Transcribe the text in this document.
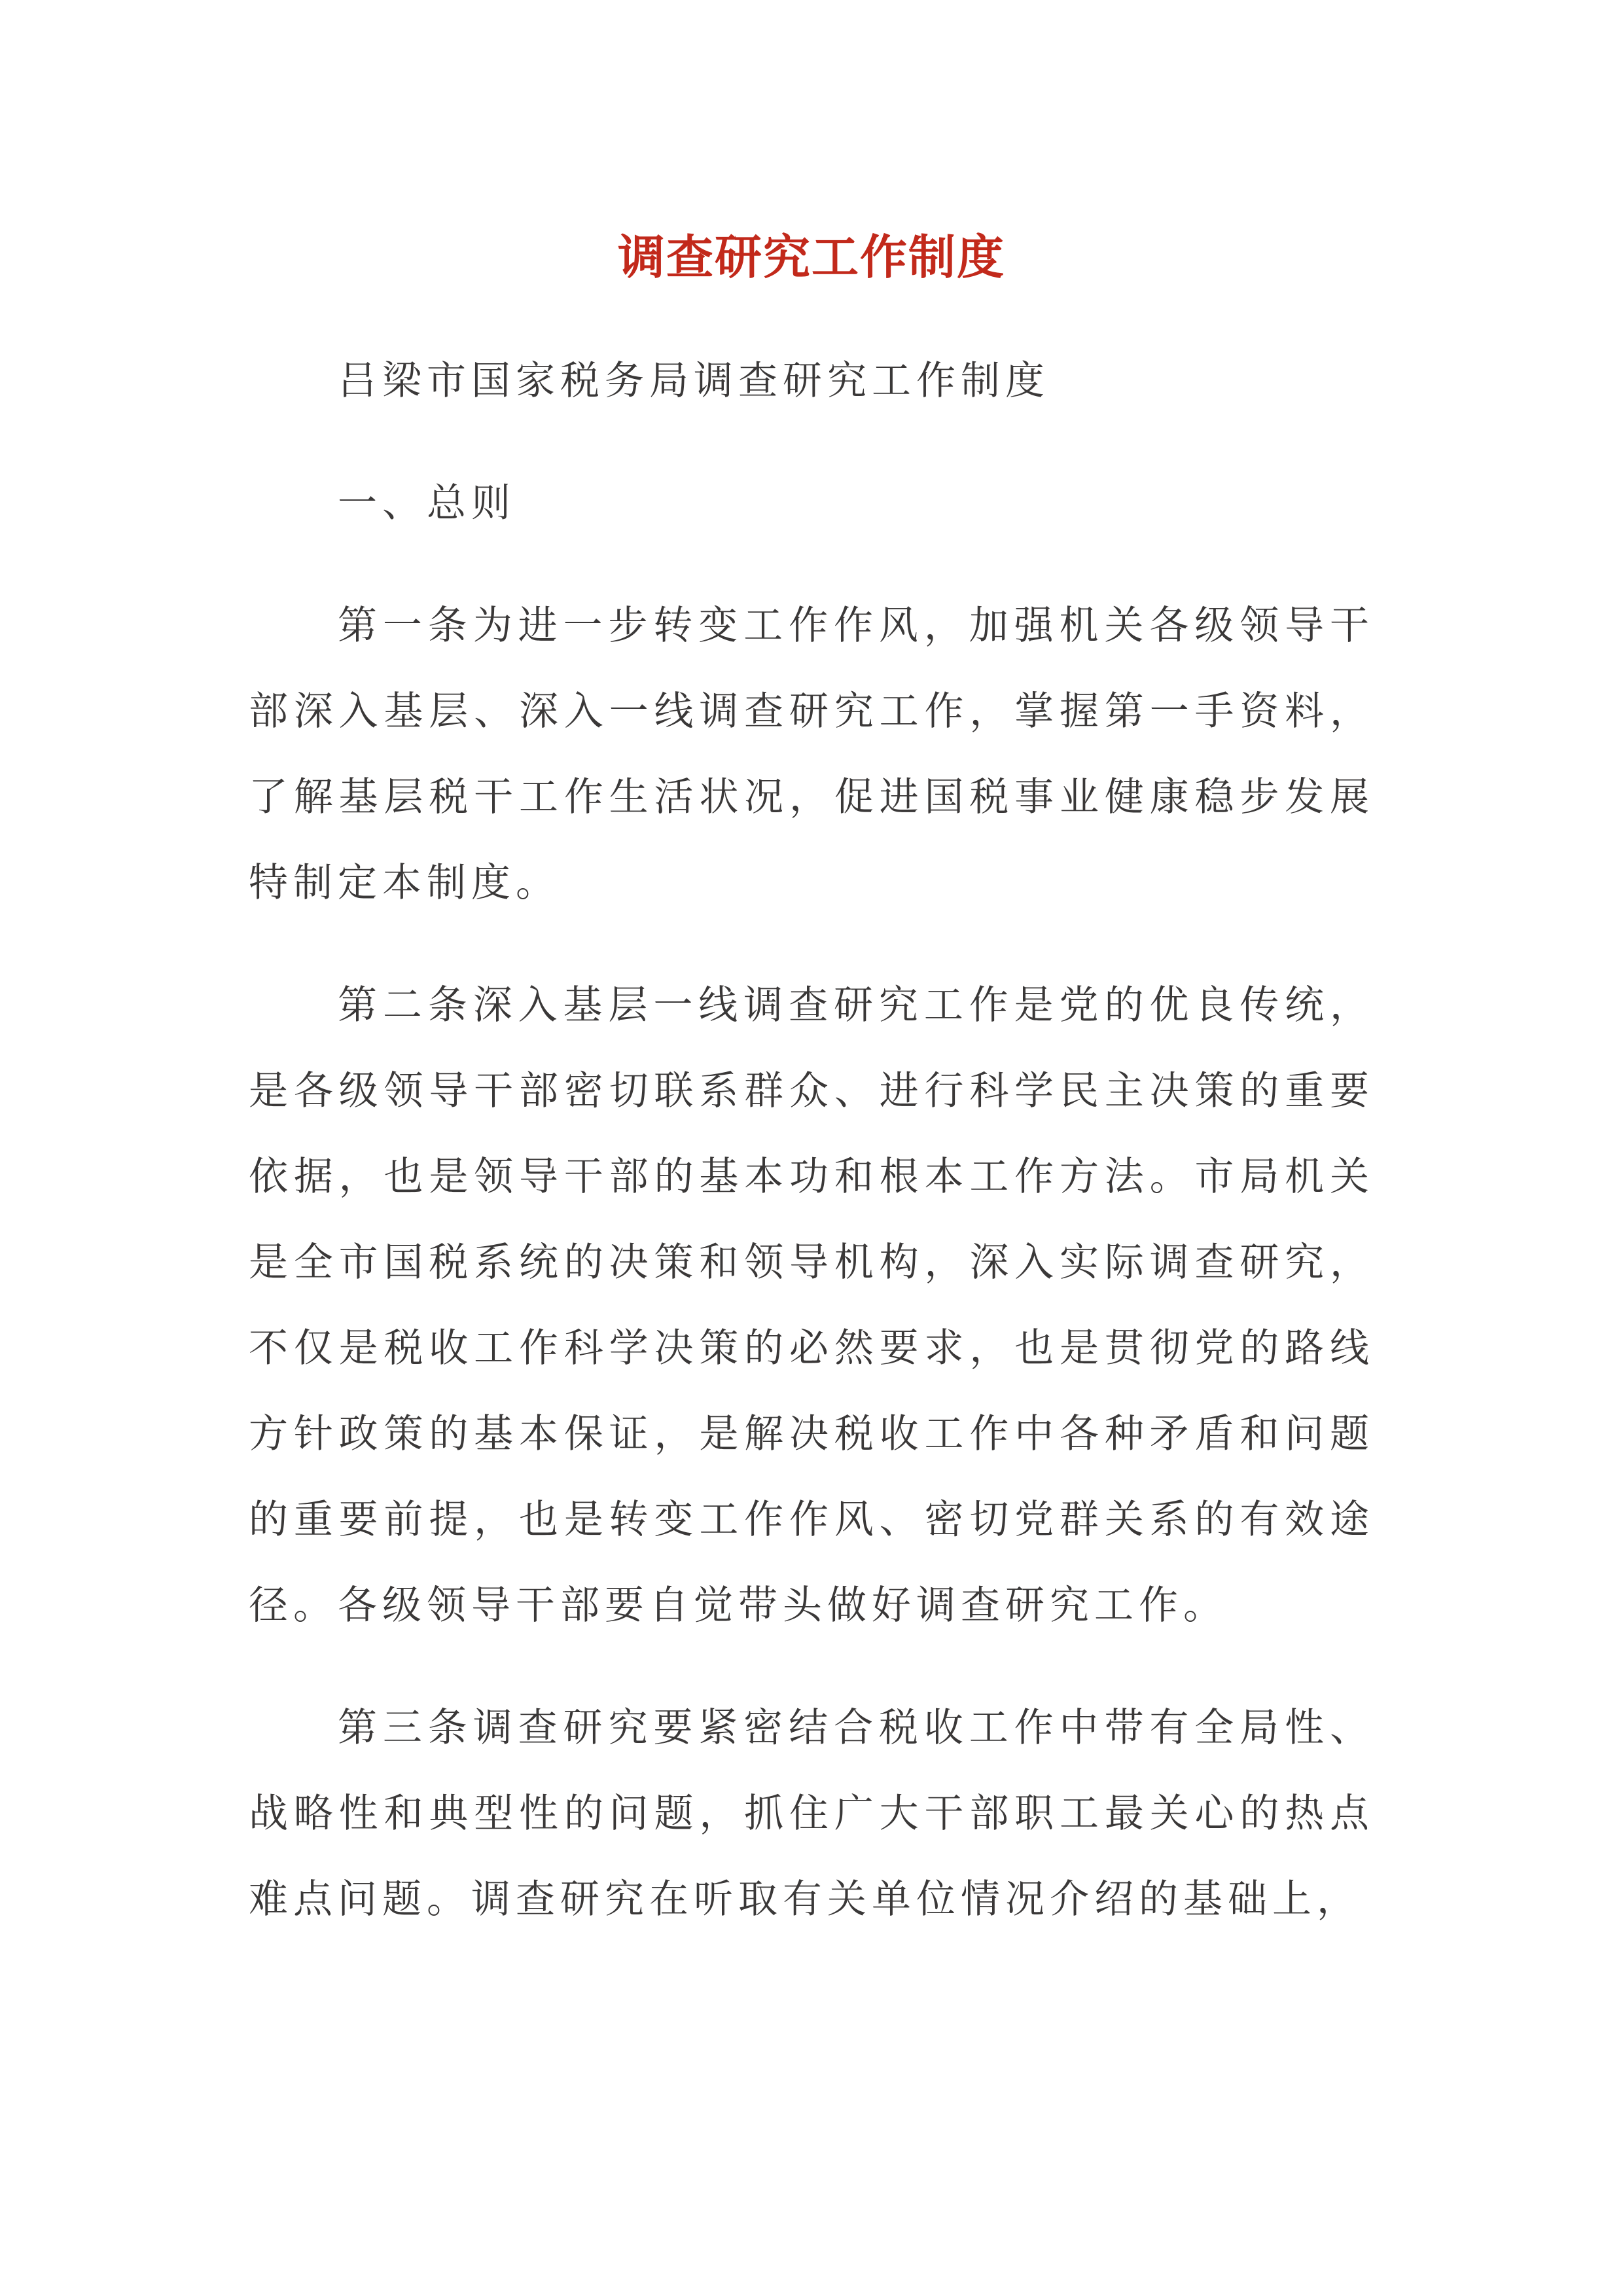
调查研究工作制度

吕梁市国家税务局调查研究工作制度

一、总则
第一条为进一步转变工作作风，加强机关各级领导干
部深入基层、深入一线调查研究工作，掌握第一手资料，
了解基层税干工作生活状况，促进国税事业健康稳步发展
特制定本制度。
第二条深入基层一线调查研究工作是党的优良传统，
是各级领导干部密切联系群众、进行科学民主决策的重要
依据，也是领导干部的基本功和根本工作方法。市局机关
是全市国税系统的决策和领导机构，深入实际调查研究，
不仅是税收工作科学决策的必然要求，也是贯彻党的路线
方针政策的基本保证，是解决税收工作中各种矛盾和问题
的重要前提，也是转变工作作风、密切党群关系的有效途
径。各级领导干部要自觉带头做好调查研究工作。
第三条调查研究要紧密结合税收工作中带有全局性、
战略性和典型性的问题，抓住广大干部职工最关心的热点
难点问题。调查研究在听取有关单位情况介绍的基础上，
